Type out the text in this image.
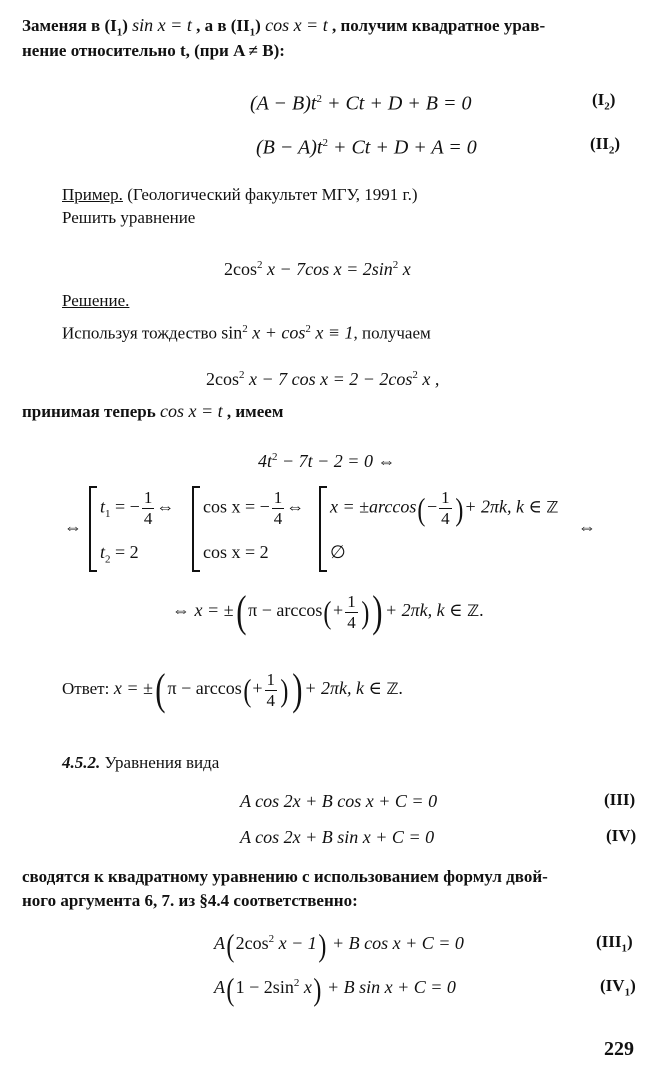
Заменяя в $(I_1)$ sin x = t , а в $(II_1)$ cos x = t , получим квадратное урав-
нение относительно t, (при A ≠ B):
$(A - B)t^2 + Ct + D + B = 0$	$(I_2)$
$(B - A)t^2 + Ct + D + A = 0$	$(II_2)$
Пример. (Геологический факультет МГУ, 1991 г.)
Решить уравнение
$2\cos^2$ x − 7cos $x = 2\sin^2$ x
Решение.
Используя тождество $\sin^2 x + \cos^2 x \equiv 1$, получаем
$2\cos^2$ x − 7 $\cos x = 2 - 2\cos^2$ x ,
принимая теперь cos x = t , имеем
$4t^2 - 7t - 2 = 0$ ⇔
⇔
$t_1$ = − $\frac{1}{4}$ ⇔
$t_2 = 2$
cos x = − $\frac{1}{4}$ ⇔
cos x = 2
$x = \pm\arccos(- \frac{1}{4}$ )+ 2πk, k ∈ ℤ
⇔
∅
⇔ x = ±( $\pi - \arccos(+ \frac{1}{4}$ )) + 2πk, k ∈ ℤ.
Ответ: x = ±( $\pi - \arccos(+ \frac{1}{4}$ )) + 2πk, k ∈ ℤ.
4.5.2. Уравнения вида
A cos 2x + B cos x + C = 0	(III)
A cos 2x + B sin x + C = 0	(IV)
сводятся к квадратному уравнению с использованием формул двой-
ного аргумента 6, 7. из §4.4 соответственно:
$A(2\cos^2$ x − 1) + B cos x + C = 0	$(III_1)$
$A(1 - 2\sin^2$ x) + B sin x + C = 0	$(IV_1)$
229
